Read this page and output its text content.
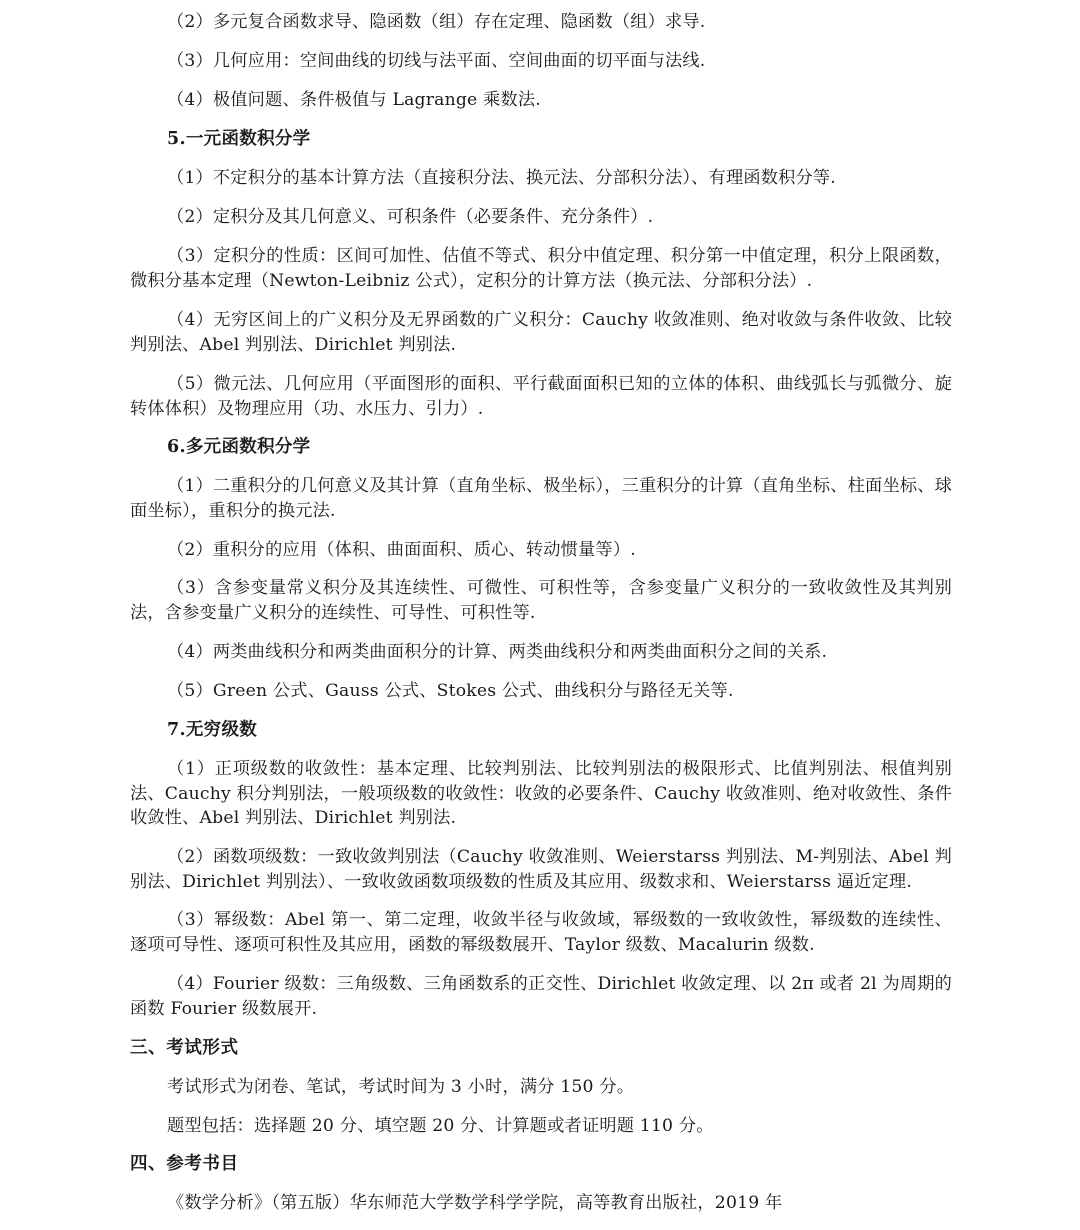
（2）多元复合函数求导、隐函数（组）存在定理、隐函数（组）求导.
（3）几何应用：空间曲线的切线与法平面、空间曲面的切平面与法线.
（4）极值问题、条件极值与 Lagrange 乘数法.
5.一元函数积分学
（1）不定积分的基本计算方法（直接积分法、换元法、分部积分法）、有理函数积分等.
（2）定积分及其几何意义、可积条件（必要条件、充分条件）.
（3）定积分的性质：区间可加性、估值不等式、积分中值定理、积分第一中值定理，积分上限函数，微积分基本定理（Newton-Leibniz 公式），定积分的计算方法（换元法、分部积分法）.
（4）无穷区间上的广义积分及无界函数的广义积分：Cauchy 收敛准则、绝对收敛与条件收敛、比较判别法、Abel 判别法、Dirichlet 判别法.
（5）微元法、几何应用（平面图形的面积、平行截面面积已知的立体的体积、曲线弧长与弧微分、旋转体体积）及物理应用（功、水压力、引力）.
6.多元函数积分学
（1）二重积分的几何意义及其计算（直角坐标、极坐标），三重积分的计算（直角坐标、柱面坐标、球面坐标），重积分的换元法.
（2）重积分的应用（体积、曲面面积、质心、转动惯量等）.
（3）含参变量常义积分及其连续性、可微性、可积性等，含参变量广义积分的一致收敛性及其判别法，含参变量广义积分的连续性、可导性、可积性等.
（4）两类曲线积分和两类曲面积分的计算、两类曲线积分和两类曲面积分之间的关系.
（5）Green 公式、Gauss 公式、Stokes 公式、曲线积分与路径无关等.
7.无穷级数
（1）正项级数的收敛性：基本定理、比较判别法、比较判别法的极限形式、比值判别法、根值判别法、Cauchy 积分判别法，一般项级数的收敛性：收敛的必要条件、Cauchy 收敛准则、绝对收敛性、条件收敛性、Abel 判别法、Dirichlet 判别法.
（2）函数项级数：一致收敛判别法（Cauchy 收敛准则、Weierstarss 判别法、M-判别法、Abel 判别法、Dirichlet 判别法）、一致收敛函数项级数的性质及其应用、级数求和、Weierstarss 逼近定理.
（3）幂级数：Abel 第一、第二定理，收敛半径与收敛域，幂级数的一致收敛性，幂级数的连续性、逐项可导性、逐项可积性及其应用，函数的幂级数展开、Taylor 级数、Macalurin 级数.
（4）Fourier 级数：三角级数、三角函数系的正交性、Dirichlet 收敛定理、以 2π 或者 2l 为周期的函数 Fourier 级数展开.
三、考试形式
考试形式为闭卷、笔试，考试时间为 3 小时，满分 150 分。
题型包括：选择题 20 分、填空题 20 分、计算题或者证明题 110 分。
四、参考书目
《数学分析》（第五版）华东师范大学数学科学学院，高等教育出版社，2019 年
